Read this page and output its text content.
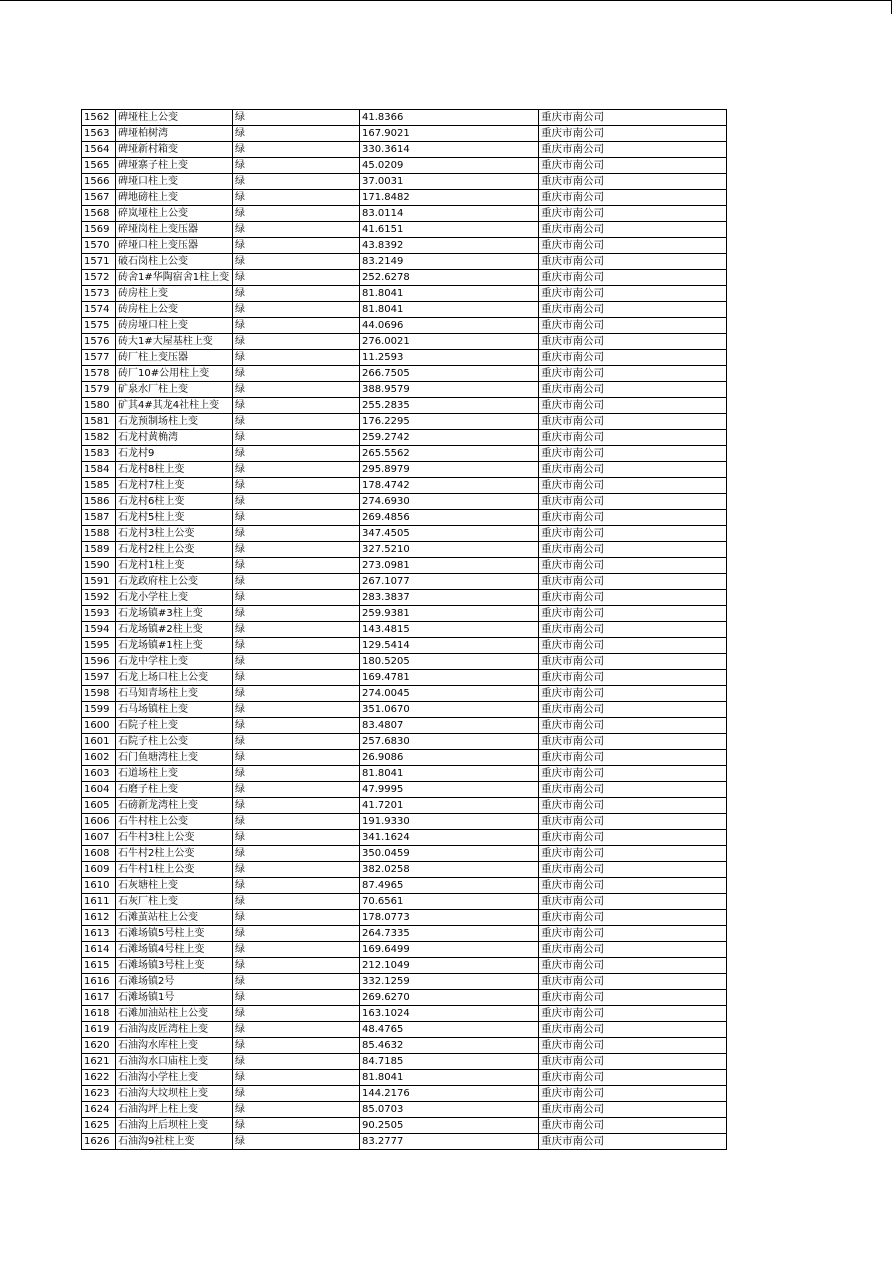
1562	碑垭柱上公变	绿	41.8366	重庆市南公司
1563	碑垭柏树湾	绿	167.9021	重庆市南公司
1564	碑垭新村箱变	绿	330.3614	重庆市南公司
1565	碑垭寨子柱上变	绿	45.0209	重庆市南公司
1566	碑垭口柱上变	绿	37.0031	重庆市南公司
1567	碑地磅柱上变	绿	171.8482	重庆市南公司
1568	碎岚垭柱上公变	绿	83.0114	重庆市南公司
1569	碎垭岗柱上变压器	绿	41.6151	重庆市南公司
1570	碎垭口柱上变压器	绿	43.8392	重庆市南公司
1571	破石岗柱上公变	绿	83.2149	重庆市南公司
1572	砖舍1#华陶宿舍1柱上变	绿	252.6278	重庆市南公司
1573	砖房柱上变	绿	81.8041	重庆市南公司
1574	砖房柱上公变	绿	81.8041	重庆市南公司
1575	砖房垭口柱上变	绿	44.0696	重庆市南公司
1576	砖大1#大屋基柱上变	绿	276.0021	重庆市南公司
1577	砖厂柱上变压器	绿	11.2593	重庆市南公司
1578	砖厂10#公用柱上变	绿	266.7505	重庆市南公司
1579	矿泉水厂柱上变	绿	388.9579	重庆市南公司
1580	矿其4#其龙4社柱上变	绿	255.2835	重庆市南公司
1581	石龙预制场柱上变	绿	176.2295	重庆市南公司
1582	石龙村黄桷湾	绿	259.2742	重庆市南公司
1583	石龙村9	绿	265.5562	重庆市南公司
1584	石龙村8柱上变	绿	295.8979	重庆市南公司
1585	石龙村7柱上变	绿	178.4742	重庆市南公司
1586	石龙村6柱上变	绿	274.6930	重庆市南公司
1587	石龙村5柱上变	绿	269.4856	重庆市南公司
1588	石龙村3柱上公变	绿	347.4505	重庆市南公司
1589	石龙村2柱上公变	绿	327.5210	重庆市南公司
1590	石龙村1柱上变	绿	273.0981	重庆市南公司
1591	石龙政府柱上公变	绿	267.1077	重庆市南公司
1592	石龙小学柱上变	绿	283.3837	重庆市南公司
1593	石龙场镇#3柱上变	绿	259.9381	重庆市南公司
1594	石龙场镇#2柱上变	绿	143.4815	重庆市南公司
1595	石龙场镇#1柱上变	绿	129.5414	重庆市南公司
1596	石龙中学柱上变	绿	180.5205	重庆市南公司
1597	石龙上场口柱上公变	绿	169.4781	重庆市南公司
1598	石马知青场柱上变	绿	274.0045	重庆市南公司
1599	石马场镇柱上变	绿	351.0670	重庆市南公司
1600	石院子柱上变	绿	83.4807	重庆市南公司
1601	石院子柱上公变	绿	257.6830	重庆市南公司
1602	石门鱼塘湾柱上变	绿	26.9086	重庆市南公司
1603	石道场柱上变	绿	81.8041	重庆市南公司
1604	石磨子柱上变	绿	47.9995	重庆市南公司
1605	石磅新龙湾柱上变	绿	41.7201	重庆市南公司
1606	石牛村柱上公变	绿	191.9330	重庆市南公司
1607	石牛村3柱上公变	绿	341.1624	重庆市南公司
1608	石牛村2柱上公变	绿	350.0459	重庆市南公司
1609	石牛村1柱上公变	绿	382.0258	重庆市南公司
1610	石灰塘柱上变	绿	87.4965	重庆市南公司
1611	石灰厂柱上变	绿	70.6561	重庆市南公司
1612	石滩茧站柱上公变	绿	178.0773	重庆市南公司
1613	石滩场镇5号柱上变	绿	264.7335	重庆市南公司
1614	石滩场镇4号柱上变	绿	169.6499	重庆市南公司
1615	石滩场镇3号柱上变	绿	212.1049	重庆市南公司
1616	石滩场镇2号	绿	332.1259	重庆市南公司
1617	石滩场镇1号	绿	269.6270	重庆市南公司
1618	石滩加油站柱上公变	绿	163.1024	重庆市南公司
1619	石油沟皮匠湾柱上变	绿	48.4765	重庆市南公司
1620	石油沟水库柱上变	绿	85.4632	重庆市南公司
1621	石油沟水口庙柱上变	绿	84.7185	重庆市南公司
1622	石油沟小学柱上变	绿	81.8041	重庆市南公司
1623	石油沟大坟坝柱上变	绿	144.2176	重庆市南公司
1624	石油沟坪上柱上变	绿	85.0703	重庆市南公司
1625	石油沟上后坝柱上变	绿	90.2505	重庆市南公司
1626	石油沟9社柱上变	绿	83.2777	重庆市南公司
